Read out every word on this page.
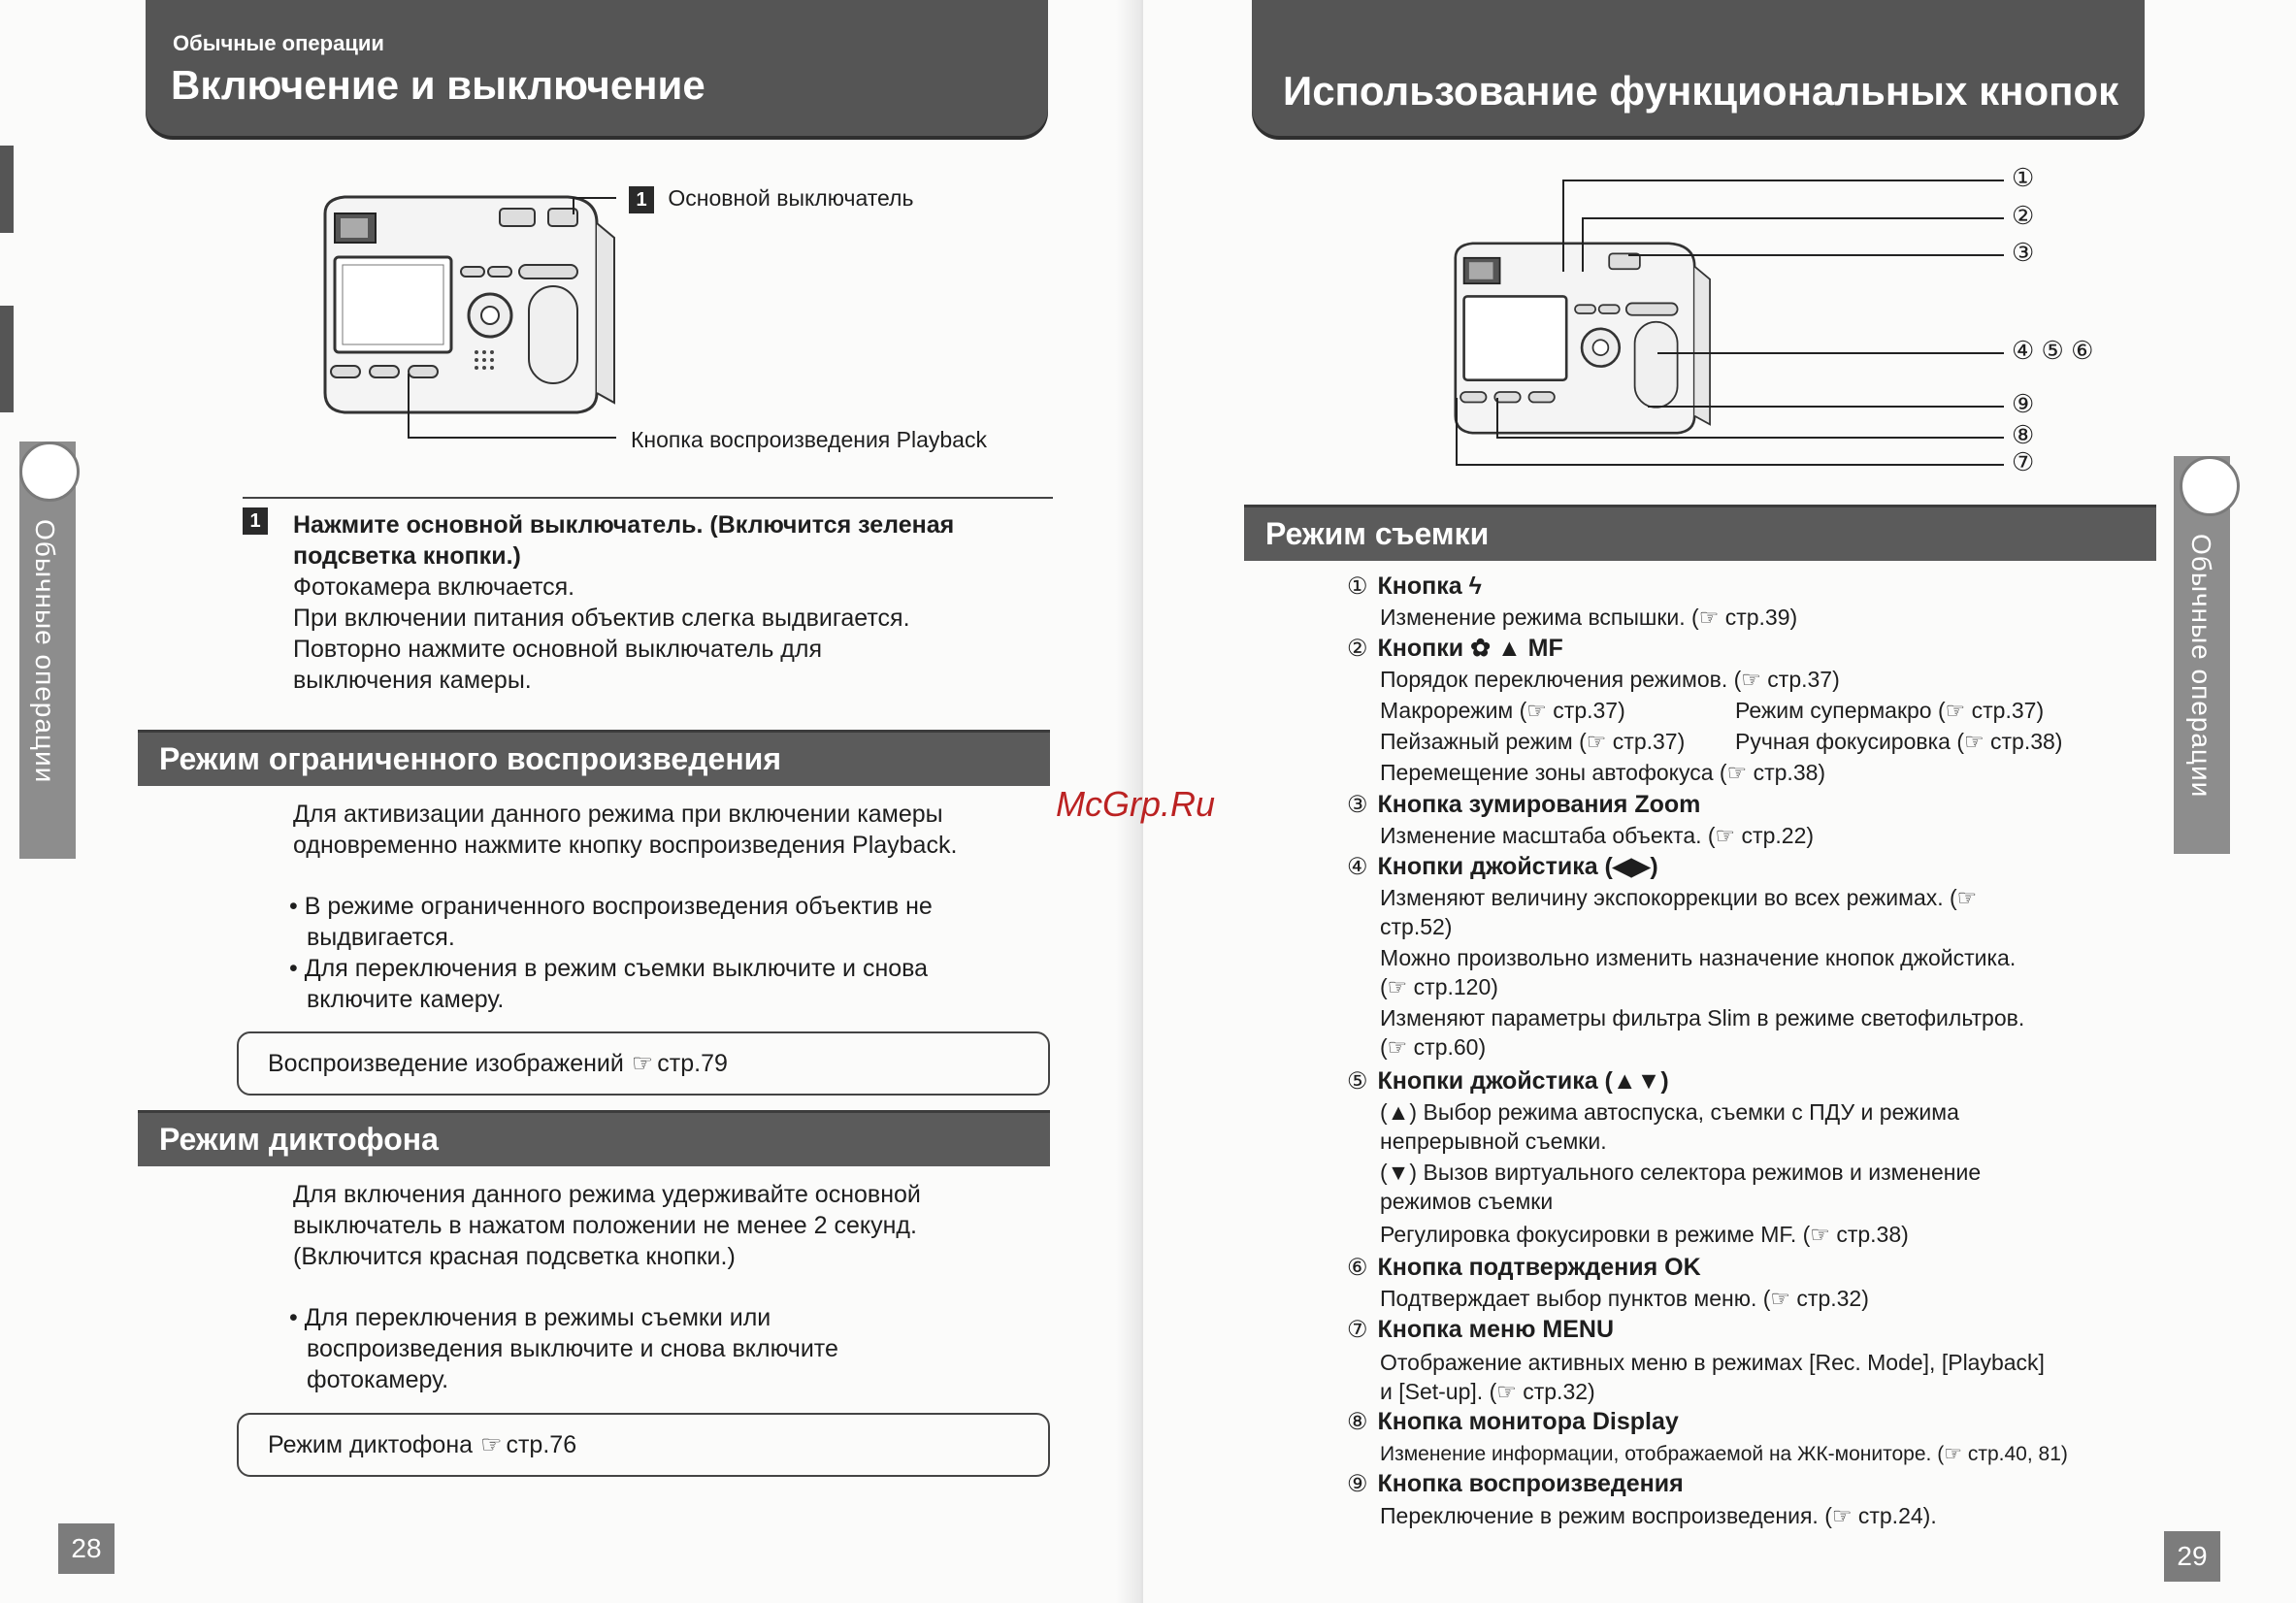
Обычные операции
Обычные операции
Включение и выключение
1 Основной выключатель
Кнопка воспроизведения Playback
1 Нажмите основной выключатель. (Включится зеленая
подсветка кнопки.)
Фотокамера включается.
При включении питания объектив слегка выдвигается.
Повторно нажмите основной выключатель для
выключения камеры.
Режим ограниченного воспроизведения
Для активизации данного режима при включении камеры
одновременно нажмите кнопку воспроизведения Playback.
• В режиме ограниченного воспроизведения объектив не
выдвигается.
• Для переключения в режим съемки выключите и снова
включите камеру.
Воспроизведение изображений ☞ стр.79
Режим диктофона
Для включения данного режима удерживайте основной
выключатель в нажатом положении не менее 2 секунд.
(Включится красная подсветка кнопки.)
• Для переключения в режимы съемки или
воспроизведения выключите и снова включите
фотокамеру.
Режим диктофона ☞ стр.76
28
Использование функциональных кнопок
Обычные операции
①
②
③
④ ⑤ ⑥
⑨
⑧
⑦
Режим съемки
① Кнопка ϟ
Изменение режима вспышки. (☞ стр.39)
② Кнопки ✿ ▲ MF
Порядок переключения режимов. (☞ стр.37)
Макрорежим (☞ стр.37)	Режим супермакро (☞ стр.37)
Пейзажный режим (☞ стр.37) Ручная фокусировка (☞ стр.38)
Перемещение зоны автофокуса (☞ стр.38)
③ Кнопка зумирования Zoom
Изменение масштаба объекта. (☞ стр.22)
④ Кнопки джойстика (◀▶)
Изменяют величину экспокоррекции во всех режимах. (☞
стр.52)
Можно произвольно изменить назначение кнопок джойстика.
(☞ стр.120)
Изменяют параметры фильтра Slim в режиме светофильтров.
(☞ стр.60)
⑤ Кнопки джойстика (▲▼)
(▲) Выбор режима автоспуска, съемки с ПДУ и режима
непрерывной съемки.
(▼) Вызов виртуального селектора режимов и изменение
режимов съемки
Регулировка фокусировки в режиме MF. (☞ стр.38)
⑥ Кнопка подтверждения OK
Подтверждает выбор пунктов меню. (☞ стр.32)
⑦ Кнопка меню MENU
Отображение активных меню в режимах [Rec. Mode], [Playback]
и [Set-up]. (☞ стр.32)
⑧ Кнопка монитора Display
Изменение информации, отображаемой на ЖК-мониторе. (☞ стр.40, 81)
⑨ Кнопка воспроизведения
Переключение в режим воспроизведения. (☞ стр.24).
29
McGrp.Ru
